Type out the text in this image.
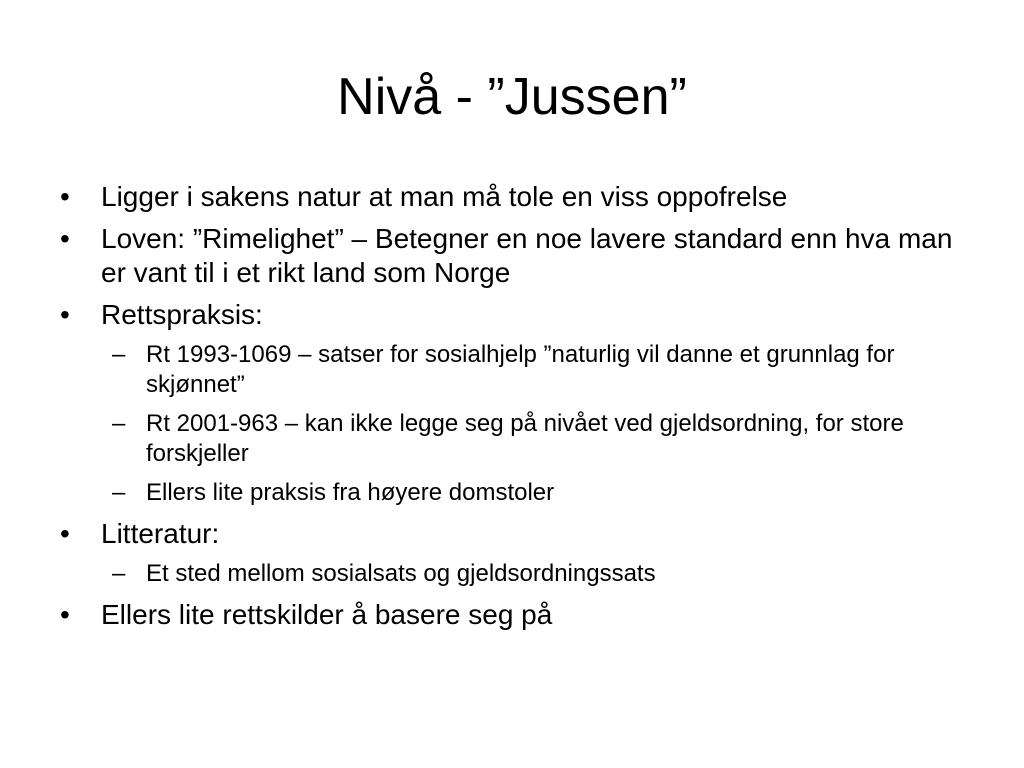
Nivå - ”Jussen”
• Ligger i sakens natur at man må tole en viss oppofrelse
• Loven: ”Rimelighet” – Betegner en noe lavere standard enn hva man er vant til i et rikt land som Norge
• Rettspraksis:
– Rt 1993-1069 – satser for sosialhjelp ”naturlig vil danne et grunnlag for skjønnet”
– Rt 2001-963 – kan ikke legge seg på nivået ved gjeldsordning, for store forskjeller
– Ellers lite praksis fra høyere domstoler
• Litteratur:
– Et sted mellom sosialsats og gjeldsordningssats
• Ellers lite rettskilder å basere seg på
